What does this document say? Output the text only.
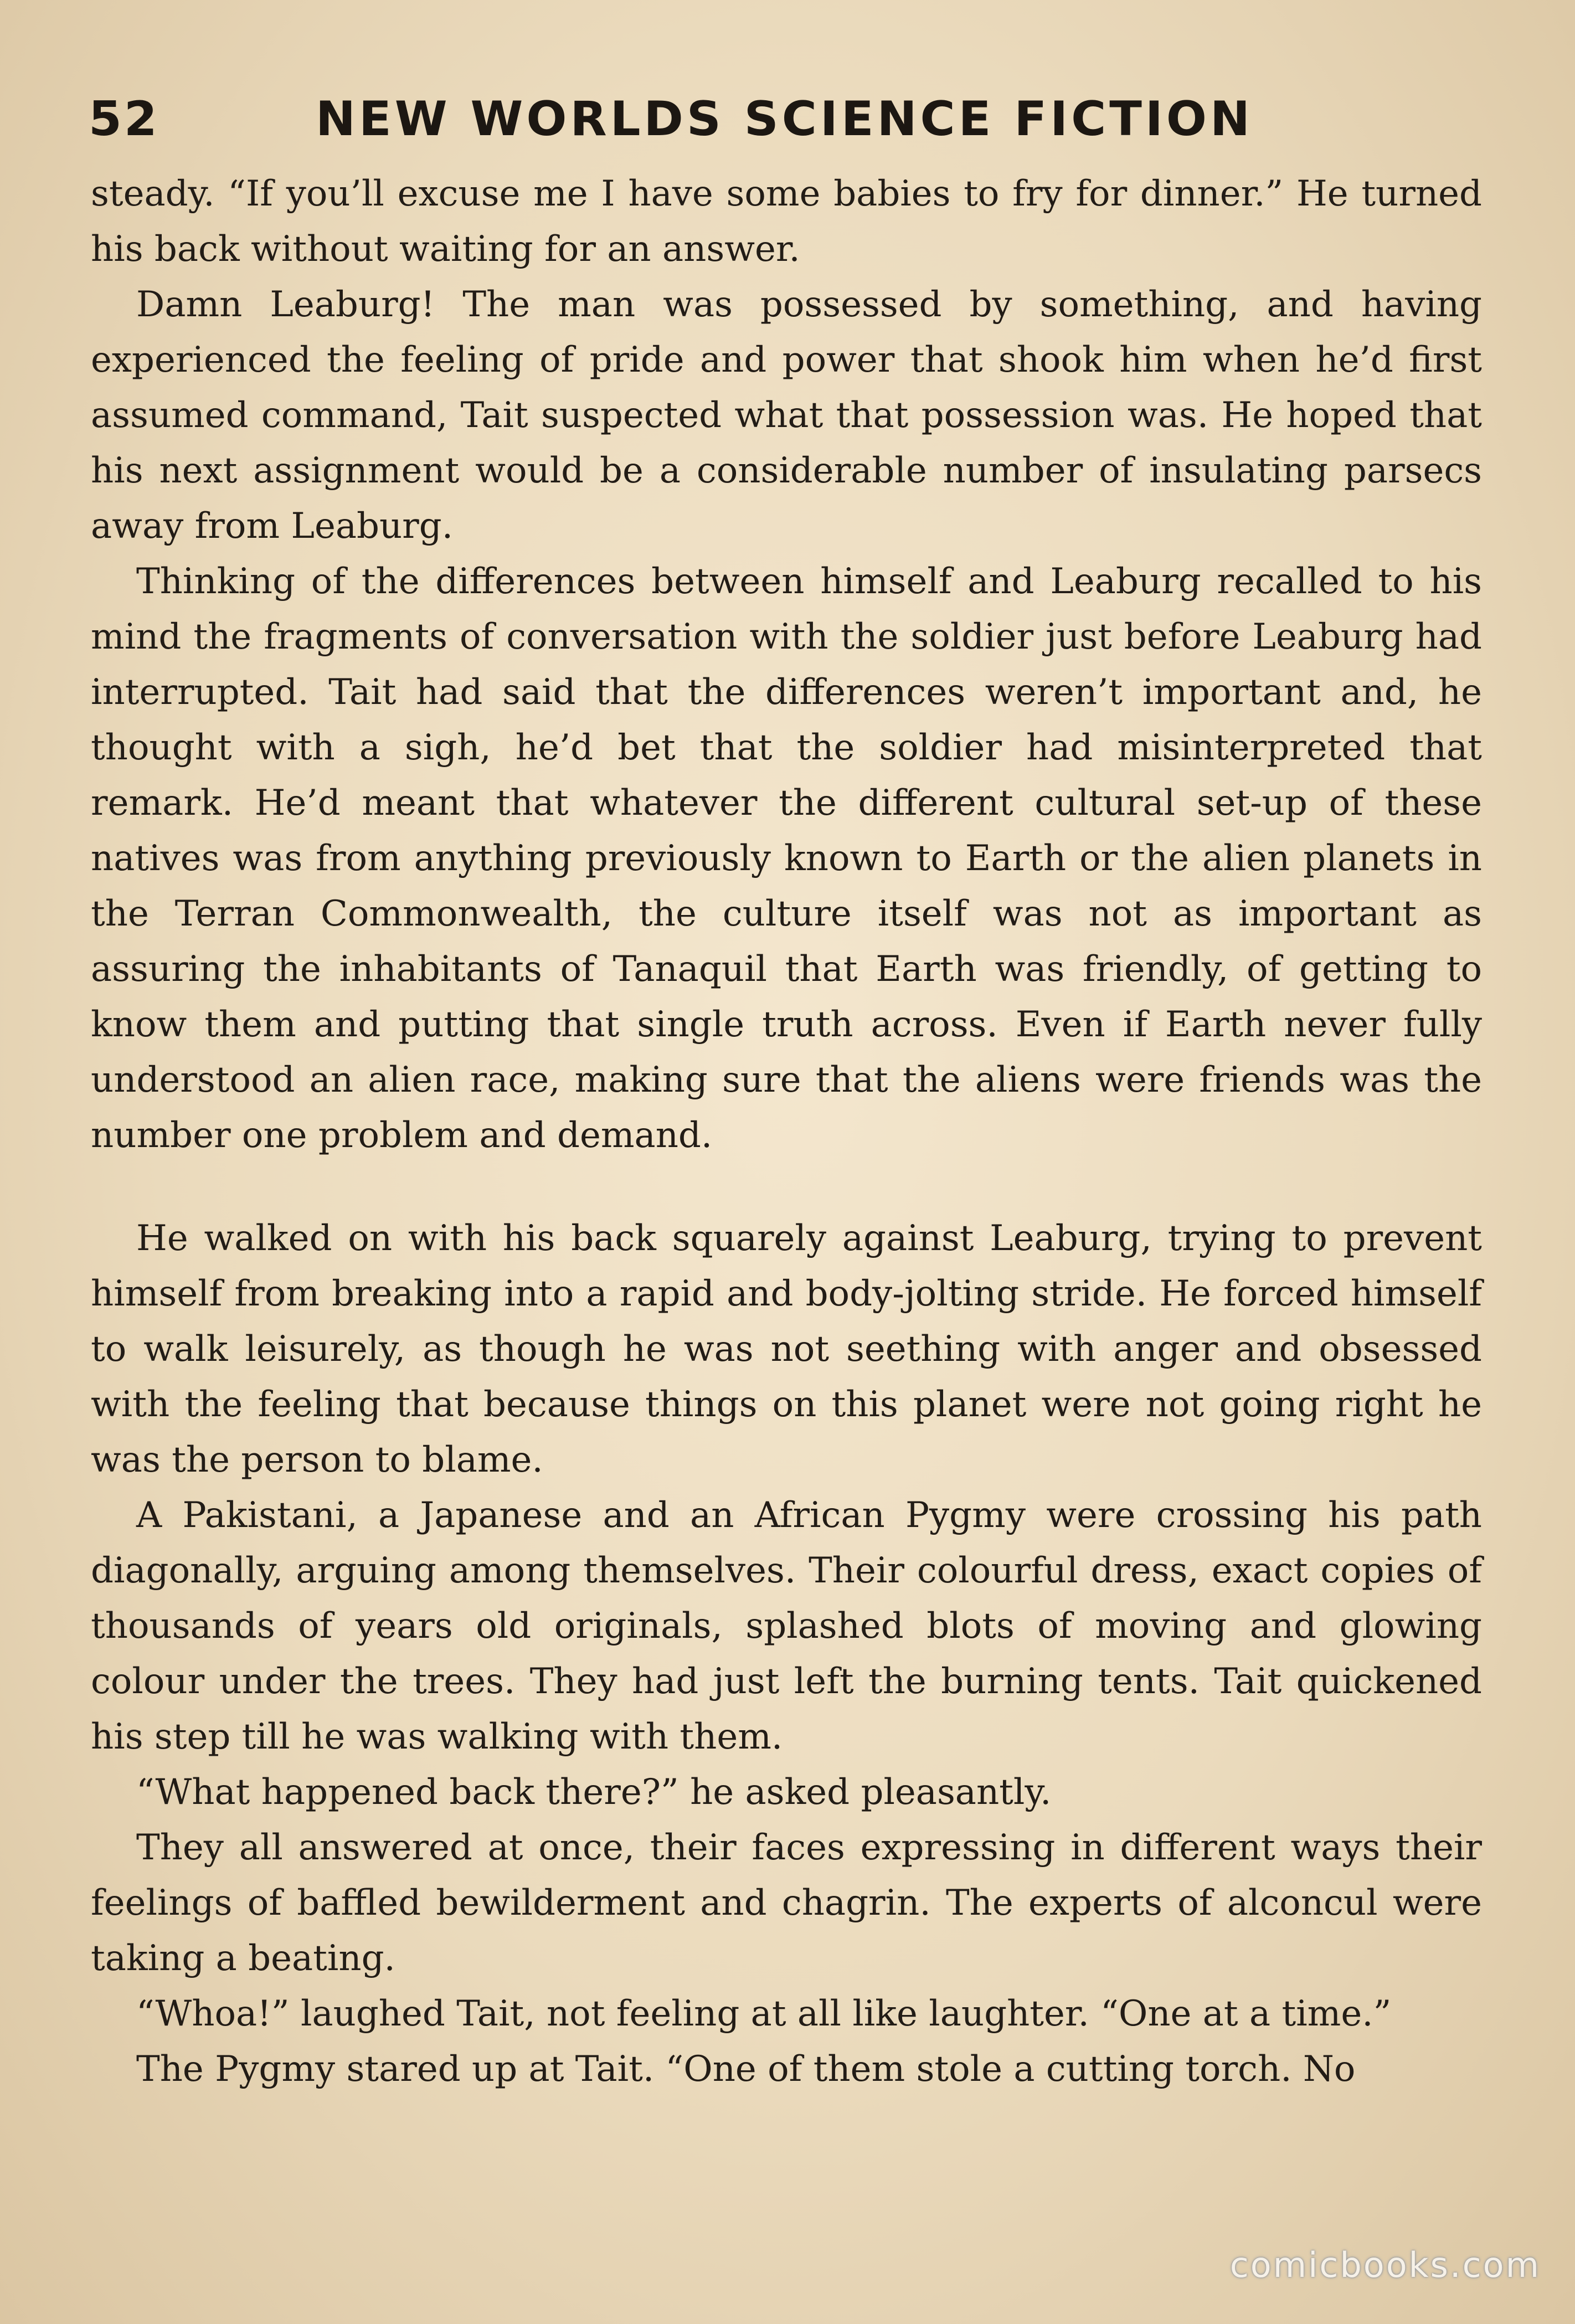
52	NEW WORLDS SCIENCE FICTION

steady. “If you’ll excuse me I have some babies to fry for dinner.” He turned his back without waiting for an answer.

Damn Leaburg! The man was possessed by something, and having experienced the feeling of pride and power that shook him when he’d first assumed command, Tait suspected what that possession was. He hoped that his next assignment would be a considerable number of insulating parsecs away from Leaburg.

Thinking of the differences between himself and Leaburg recalled to his mind the fragments of conversation with the soldier just before Leaburg had interrupted. Tait had said that the differences weren’t important and, he thought with a sigh, he’d bet that the soldier had misinterpreted that remark. He’d meant that whatever the different cultural set-up of these natives was from anything previously known to Earth or the alien planets in the Terran Commonwealth, the culture itself was not as important as assuring the inhabitants of Tanaquil that Earth was friendly, of getting to know them and putting that single truth across. Even if Earth never fully understood an alien race, making sure that the aliens were friends was the number one problem and demand.

He walked on with his back squarely against Leaburg, trying to prevent himself from breaking into a rapid and body-jolting stride. He forced himself to walk leisurely, as though he was not seething with anger and obsessed with the feeling that because things on this planet were not going right he was the person to blame.

A Pakistani, a Japanese and an African Pygmy were crossing his path diagonally, arguing among themselves. Their colourful dress, exact copies of thousands of years old originals, splashed blots of moving and glowing colour under the trees. They had just left the burning tents. Tait quickened his step till he was walking with them.

“What happened back there?” he asked pleasantly.

They all answered at once, their faces expressing in different ways their feelings of baffled bewilderment and chagrin. The experts of alconcul were taking a beating.

“Whoa!” laughed Tait, not feeling at all like laughter. “One at a time.”

The Pygmy stared up at Tait. “One of them stole a cutting torch. No

comicbooks.com
